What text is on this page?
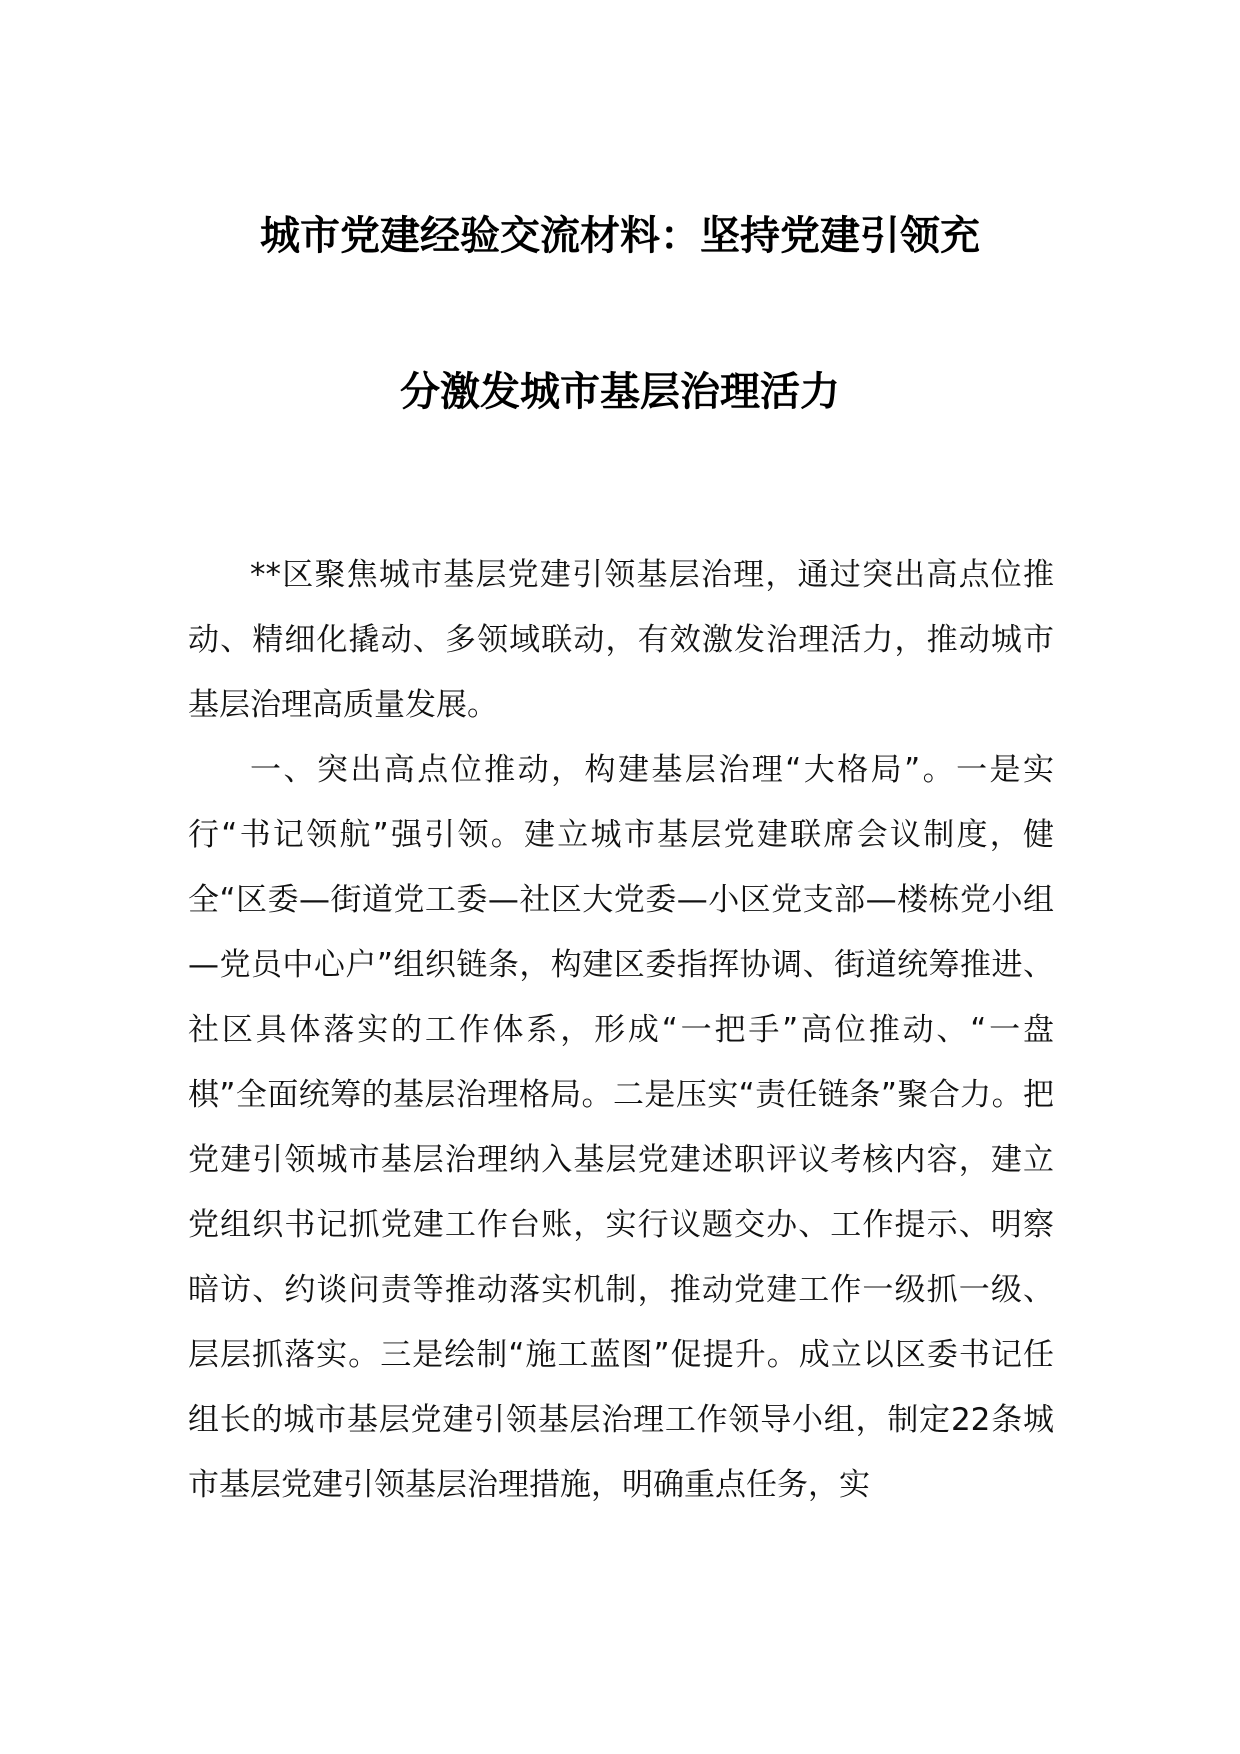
城市党建经验交流材料：坚持党建引领充
分激发城市基层治理活力

**区聚焦城市基层党建引领基层治理，通过突出高点位推动、精细化撬动、多领域联动，有效激发治理活力，推动城市基层治理高质量发展。

一、突出高点位推动，构建基层治理“大格局”。一是实行“书记领航”强引领。建立城市基层党建联席会议制度，健全“区委—街道党工委—社区大党委—小区党支部—楼栋党小组—党员中心户”组织链条，构建区委指挥协调、街道统筹推进、社区具体落实的工作体系，形成“一把手”高位推动、“一盘棋”全面统筹的基层治理格局。二是压实“责任链条”聚合力。把党建引领城市基层治理纳入基层党建述职评议考核内容，建立党组织书记抓党建工作台账，实行议题交办、工作提示、明察暗访、约谈问责等推动落实机制，推动党建工作一级抓一级、层层抓落实。三是绘制“施工蓝图”促提升。成立以区委书记任组长的城市基层党建引领基层治理工作领导小组，制定22条城市基层党建引领基层治理措施，明确重点任务，实
